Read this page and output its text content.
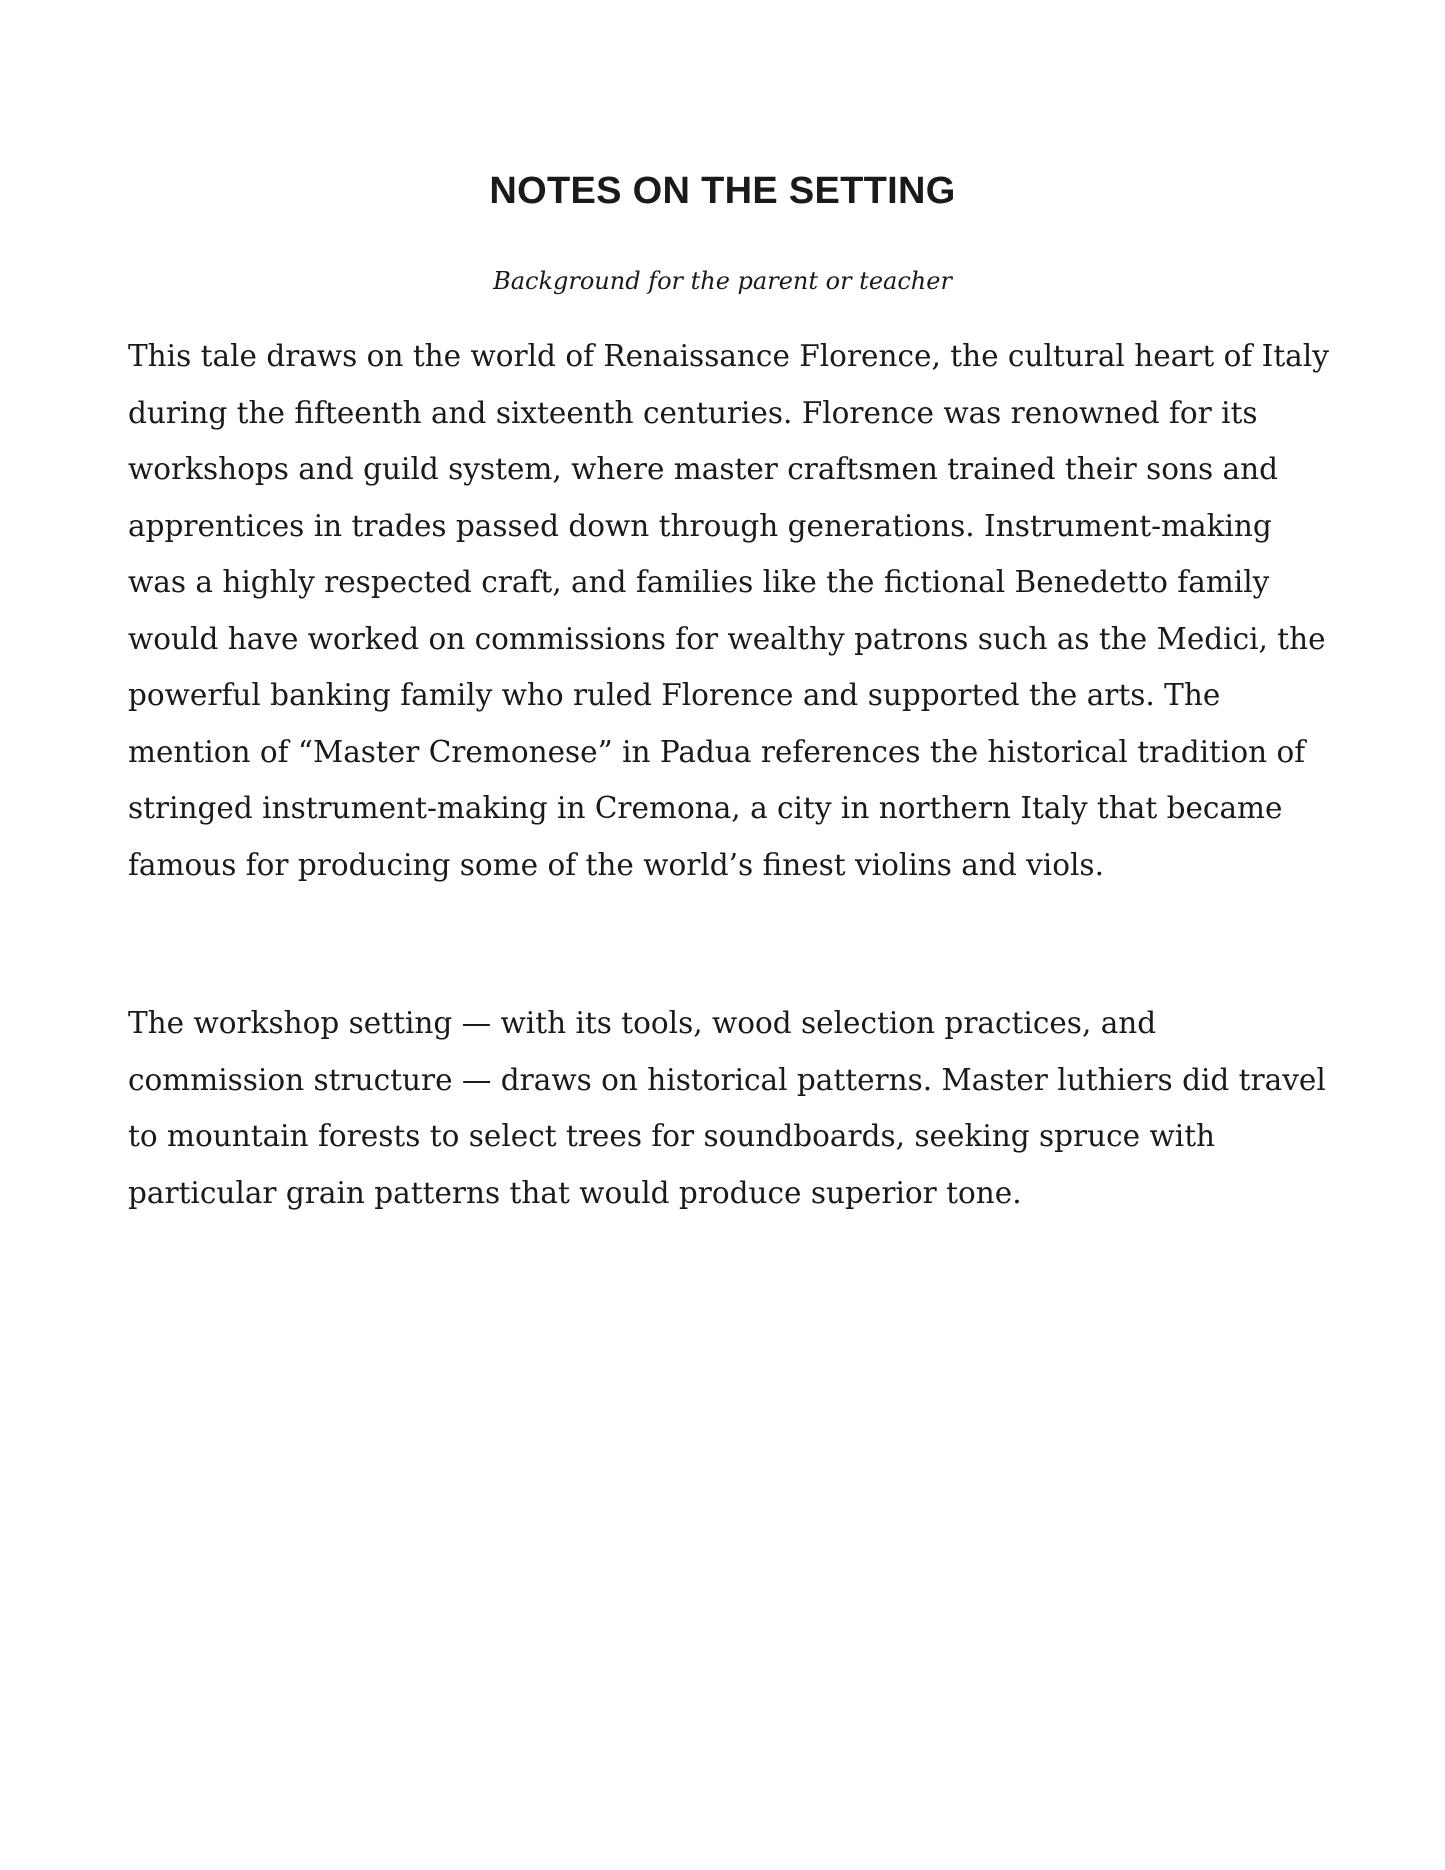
NOTES ON THE SETTING
Background for the parent or teacher

This tale draws on the world of Renaissance Florence, the cultural heart of Italy during the fifteenth and sixteenth centuries. Florence was renowned for its workshops and guild system, where master craftsmen trained their sons and apprentices in trades passed down through generations. Instrument-making was a highly respected craft, and families like the fictional Benedetto family would have worked on commissions for wealthy patrons such as the Medici, the powerful banking family who ruled Florence and supported the arts. The mention of “Master Cremonese” in Padua references the historical tradition of stringed instrument-making in Cremona, a city in northern Italy that became famous for producing some of the world’s finest violins and viols.

The workshop setting — with its tools, wood selection practices, and commission structure — draws on historical patterns. Master luthiers did travel to mountain forests to select trees for soundboards, seeking spruce with particular grain patterns that would produce superior tone.
